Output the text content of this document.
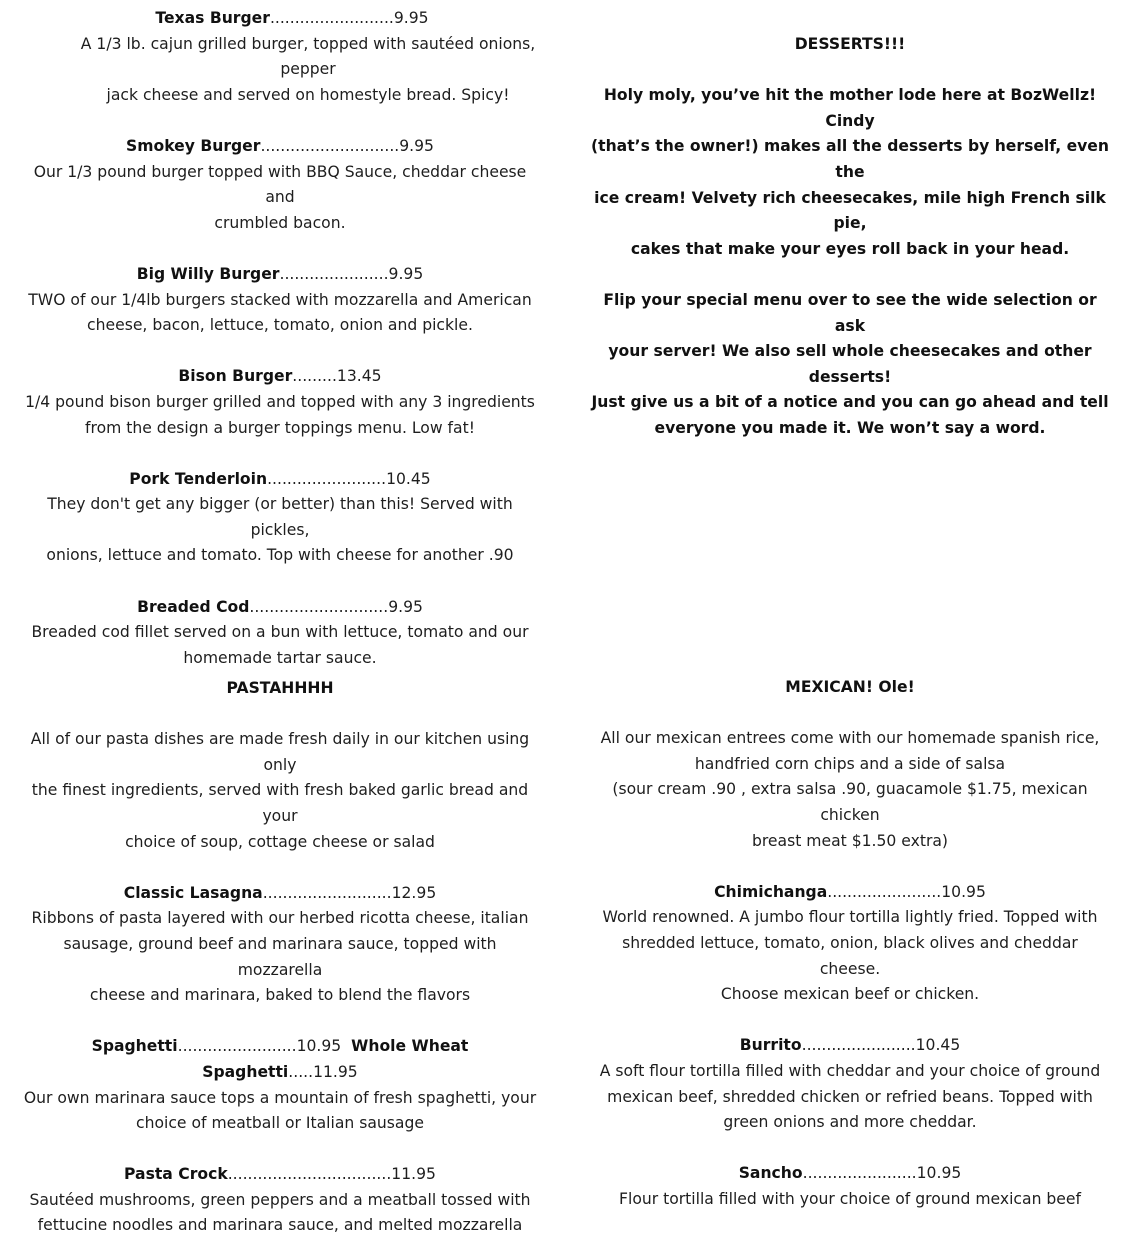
Texas Burger.........................9.95

A 1/3 lb. cajun grilled burger, topped with sautéed onions, pepper

jack cheese and served on homestyle bread. Spicy!

Smokey Burger............................9.95

Our 1/3 pound burger topped with BBQ Sauce, cheddar cheese and

crumbled bacon.

Big Willy Burger......................9.95

TWO of our 1/4lb burgers stacked with mozzarella and American

cheese, bacon, lettuce, tomato, onion and pickle.

Bison Burger.........13.45

1/4 pound bison burger grilled and topped with any 3 ingredients

from the design a burger toppings menu. Low fat!

Pork Tenderloin........................10.45

They don't get any bigger (or better) than this! Served with pickles,

onions, lettuce and tomato. Top with cheese for another .90

Breaded Cod............................9.95

Breaded cod fillet served on a bun with lettuce, tomato and our

homemade tartar sauce.

DESSERTS!!!

Holy moly, you’ve hit the mother lode here at BozWellz! Cindy

(that’s the owner!) makes all the desserts by herself, even the

ice cream! Velvety rich cheesecakes, mile high French silk pie,

cakes that make your eyes roll back in your head.

Flip your special menu over to see the wide selection or ask

your server! We also sell whole cheesecakes and other desserts!

Just give us a bit of a notice and you can go ahead and tell

everyone you made it. We won’t say a word.

PASTAHHHH

All of our pasta dishes are made fresh daily in our kitchen using only

the finest ingredients, served with fresh baked garlic bread and your

choice of soup, cottage cheese or salad

Classic Lasagna..........................12.95

Ribbons of pasta layered with our herbed ricotta cheese, italian

sausage, ground beef and marinara sauce, topped with mozzarella

cheese and marinara, baked to blend the flavors

Spaghetti........................10.95 Whole Wheat Spaghetti.....11.95

Our own marinara sauce tops a mountain of fresh spaghetti, your

choice of meatball or Italian sausage

Pasta Crock.................................11.95

Sautéed mushrooms, green peppers and a meatball tossed with

fettucine noodles and marinara sauce, and melted mozzarella

MEXICAN! Ole!

All our mexican entrees come with our homemade spanish rice,

handfried corn chips and a side of salsa

(sour cream .90 , extra salsa .90, guacamole $1.75, mexican chicken

breast meat $1.50 extra)

Chimichanga.......................10.95

World renowned. A jumbo flour tortilla lightly fried. Topped with

shredded lettuce, tomato, onion, black olives and cheddar cheese.

Choose mexican beef or chicken.

Burrito.......................10.45

A soft flour tortilla filled with cheddar and your choice of ground

mexican beef, shredded chicken or refried beans. Topped with

green onions and more cheddar.

Sancho.......................10.95

Flour tortilla filled with your choice of ground mexican beef
